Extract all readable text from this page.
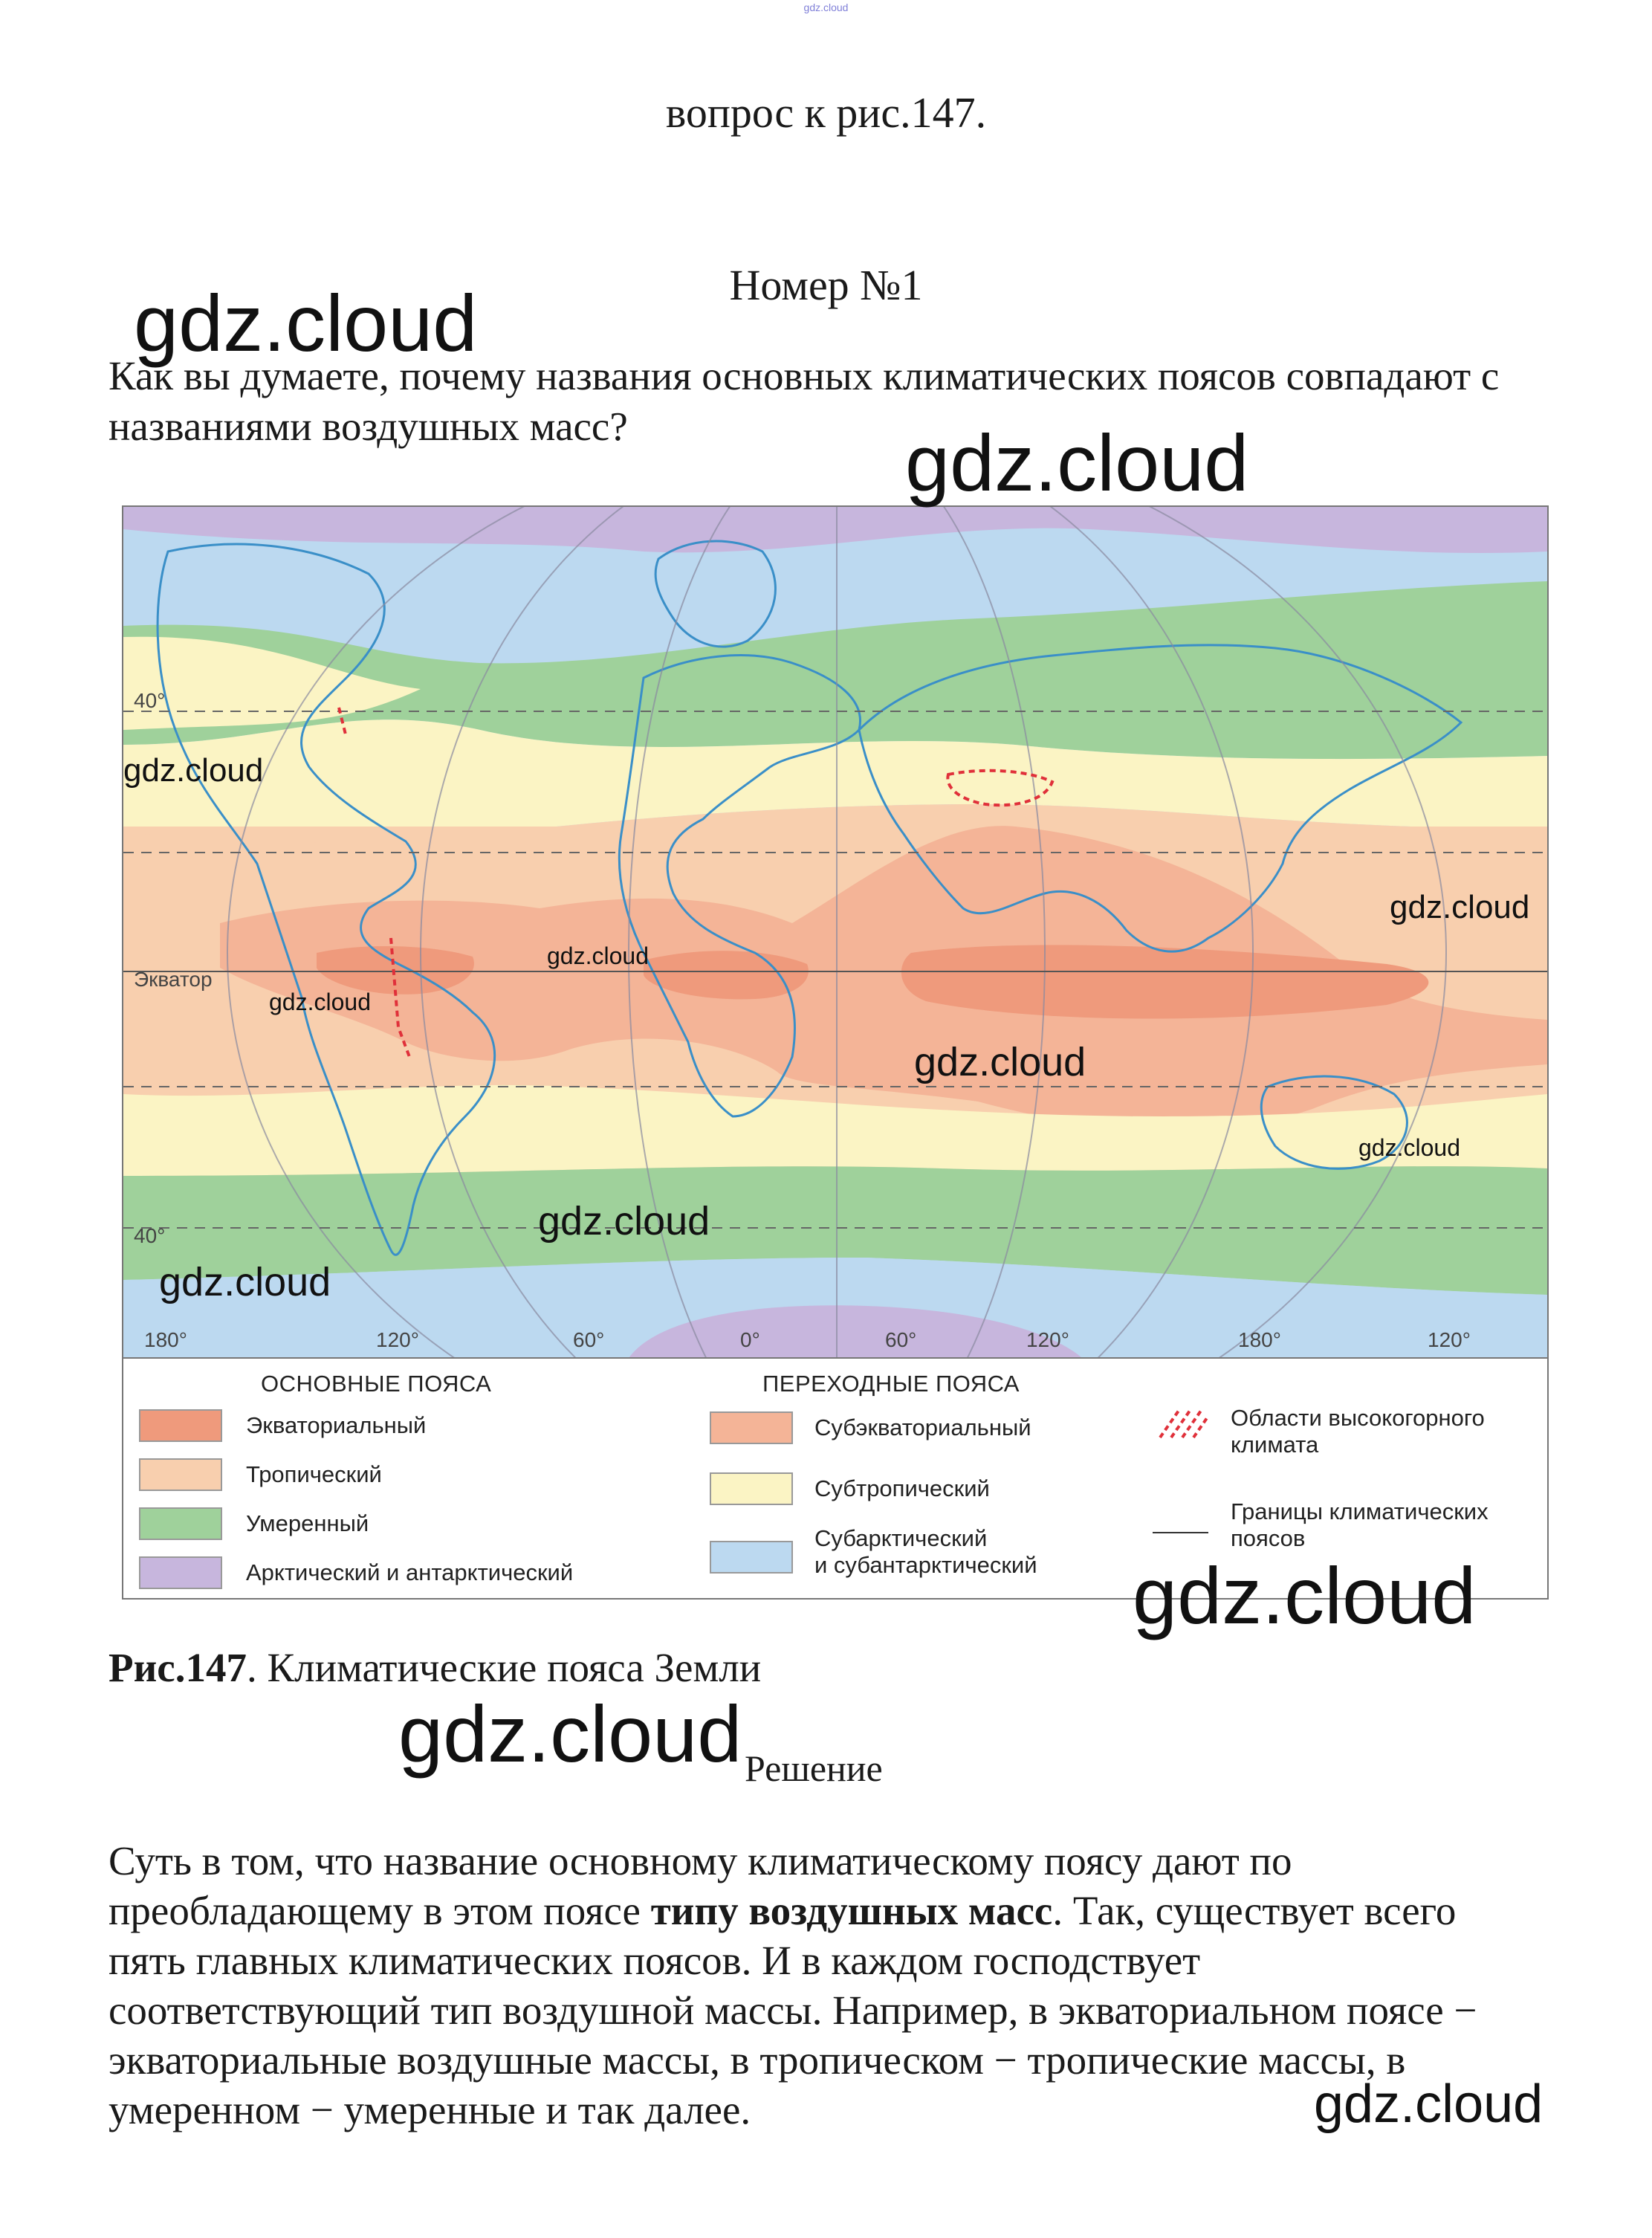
gdz.cloud
вопрос к рис.147.
Номер №1
Как вы думаете, почему названия основных климатических поясов совпадают с названиями воздушных масс?
40°
Экватор
40°
180°	120°	60°	0°	60°	120°	180°	120°
ОСНОВНЫЕ ПОЯСА	ПЕРЕХОДНЫЕ ПОЯСА
Экваториальный
Тропический
Умеренный
Арктический и антарктический
Субэкваториальный
Субтропический
Субарктический
и субантарктический
Области высокогорного
климата
Границы климатических
поясов
Рис.147. Климатические пояса Земли
Решение
Суть в том, что название основному климатическому поясу дают по преобладающему в этом поясе типу воздушных масс. Так, существует всего пять главных климатических поясов. И в каждом господствует соответствующий тип воздушной массы. Например, в экваториальном поясе − экваториальные воздушные массы, в тропическом − тропические массы, в умеренном − умеренные и так далее.
gdz.cloud
gdz.cloud
gdz.cloud
gdz.cloud
gdz.cloud
gdz.cloud
gdz.cloud
gdz.cloud
gdz.cloud
gdz.cloud
gdz.cloud
gdz.cloud
gdz.cloud
